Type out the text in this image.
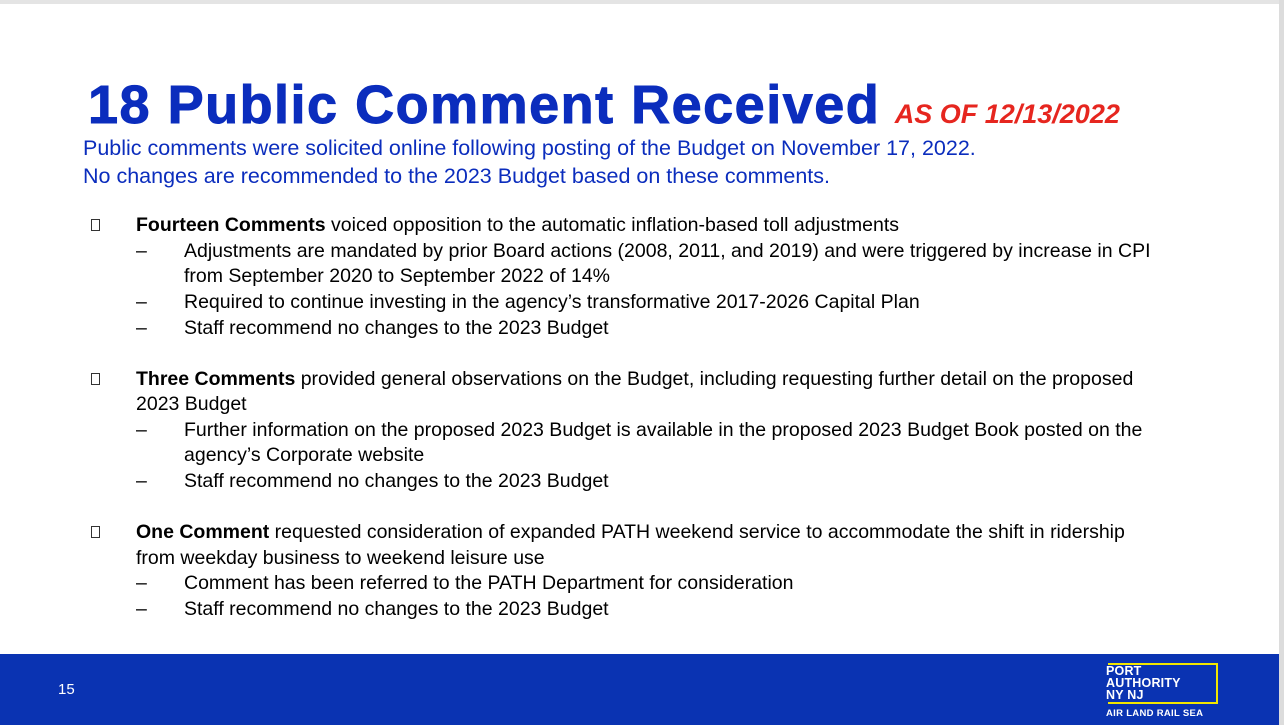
18 Public Comment Received AS OF 12/13/2022
Public comments were solicited online following posting of the Budget on November 17, 2022.
No changes are recommended to the 2023 Budget based on these comments.
Fourteen Comments voiced opposition to the automatic inflation-based toll adjustments
– Adjustments are mandated by prior Board actions (2008, 2011, and 2019) and were triggered by increase in CPI from September 2020 to September 2022 of 14%
– Required to continue investing in the agency’s transformative 2017-2026 Capital Plan
– Staff recommend no changes to the 2023 Budget
Three Comments provided general observations on the Budget, including requesting further detail on the proposed 2023 Budget
– Further information on the proposed 2023 Budget is available in the proposed 2023 Budget Book posted on the agency’s Corporate website
– Staff recommend no changes to the 2023 Budget
One Comment requested consideration of expanded PATH weekend service to accommodate the shift in ridership from weekday business to weekend leisure use
– Comment has been referred to the PATH Department for consideration
– Staff recommend no changes to the 2023 Budget
15
PORT
AUTHORITY
NY NJ
AIR LAND RAIL SEA
